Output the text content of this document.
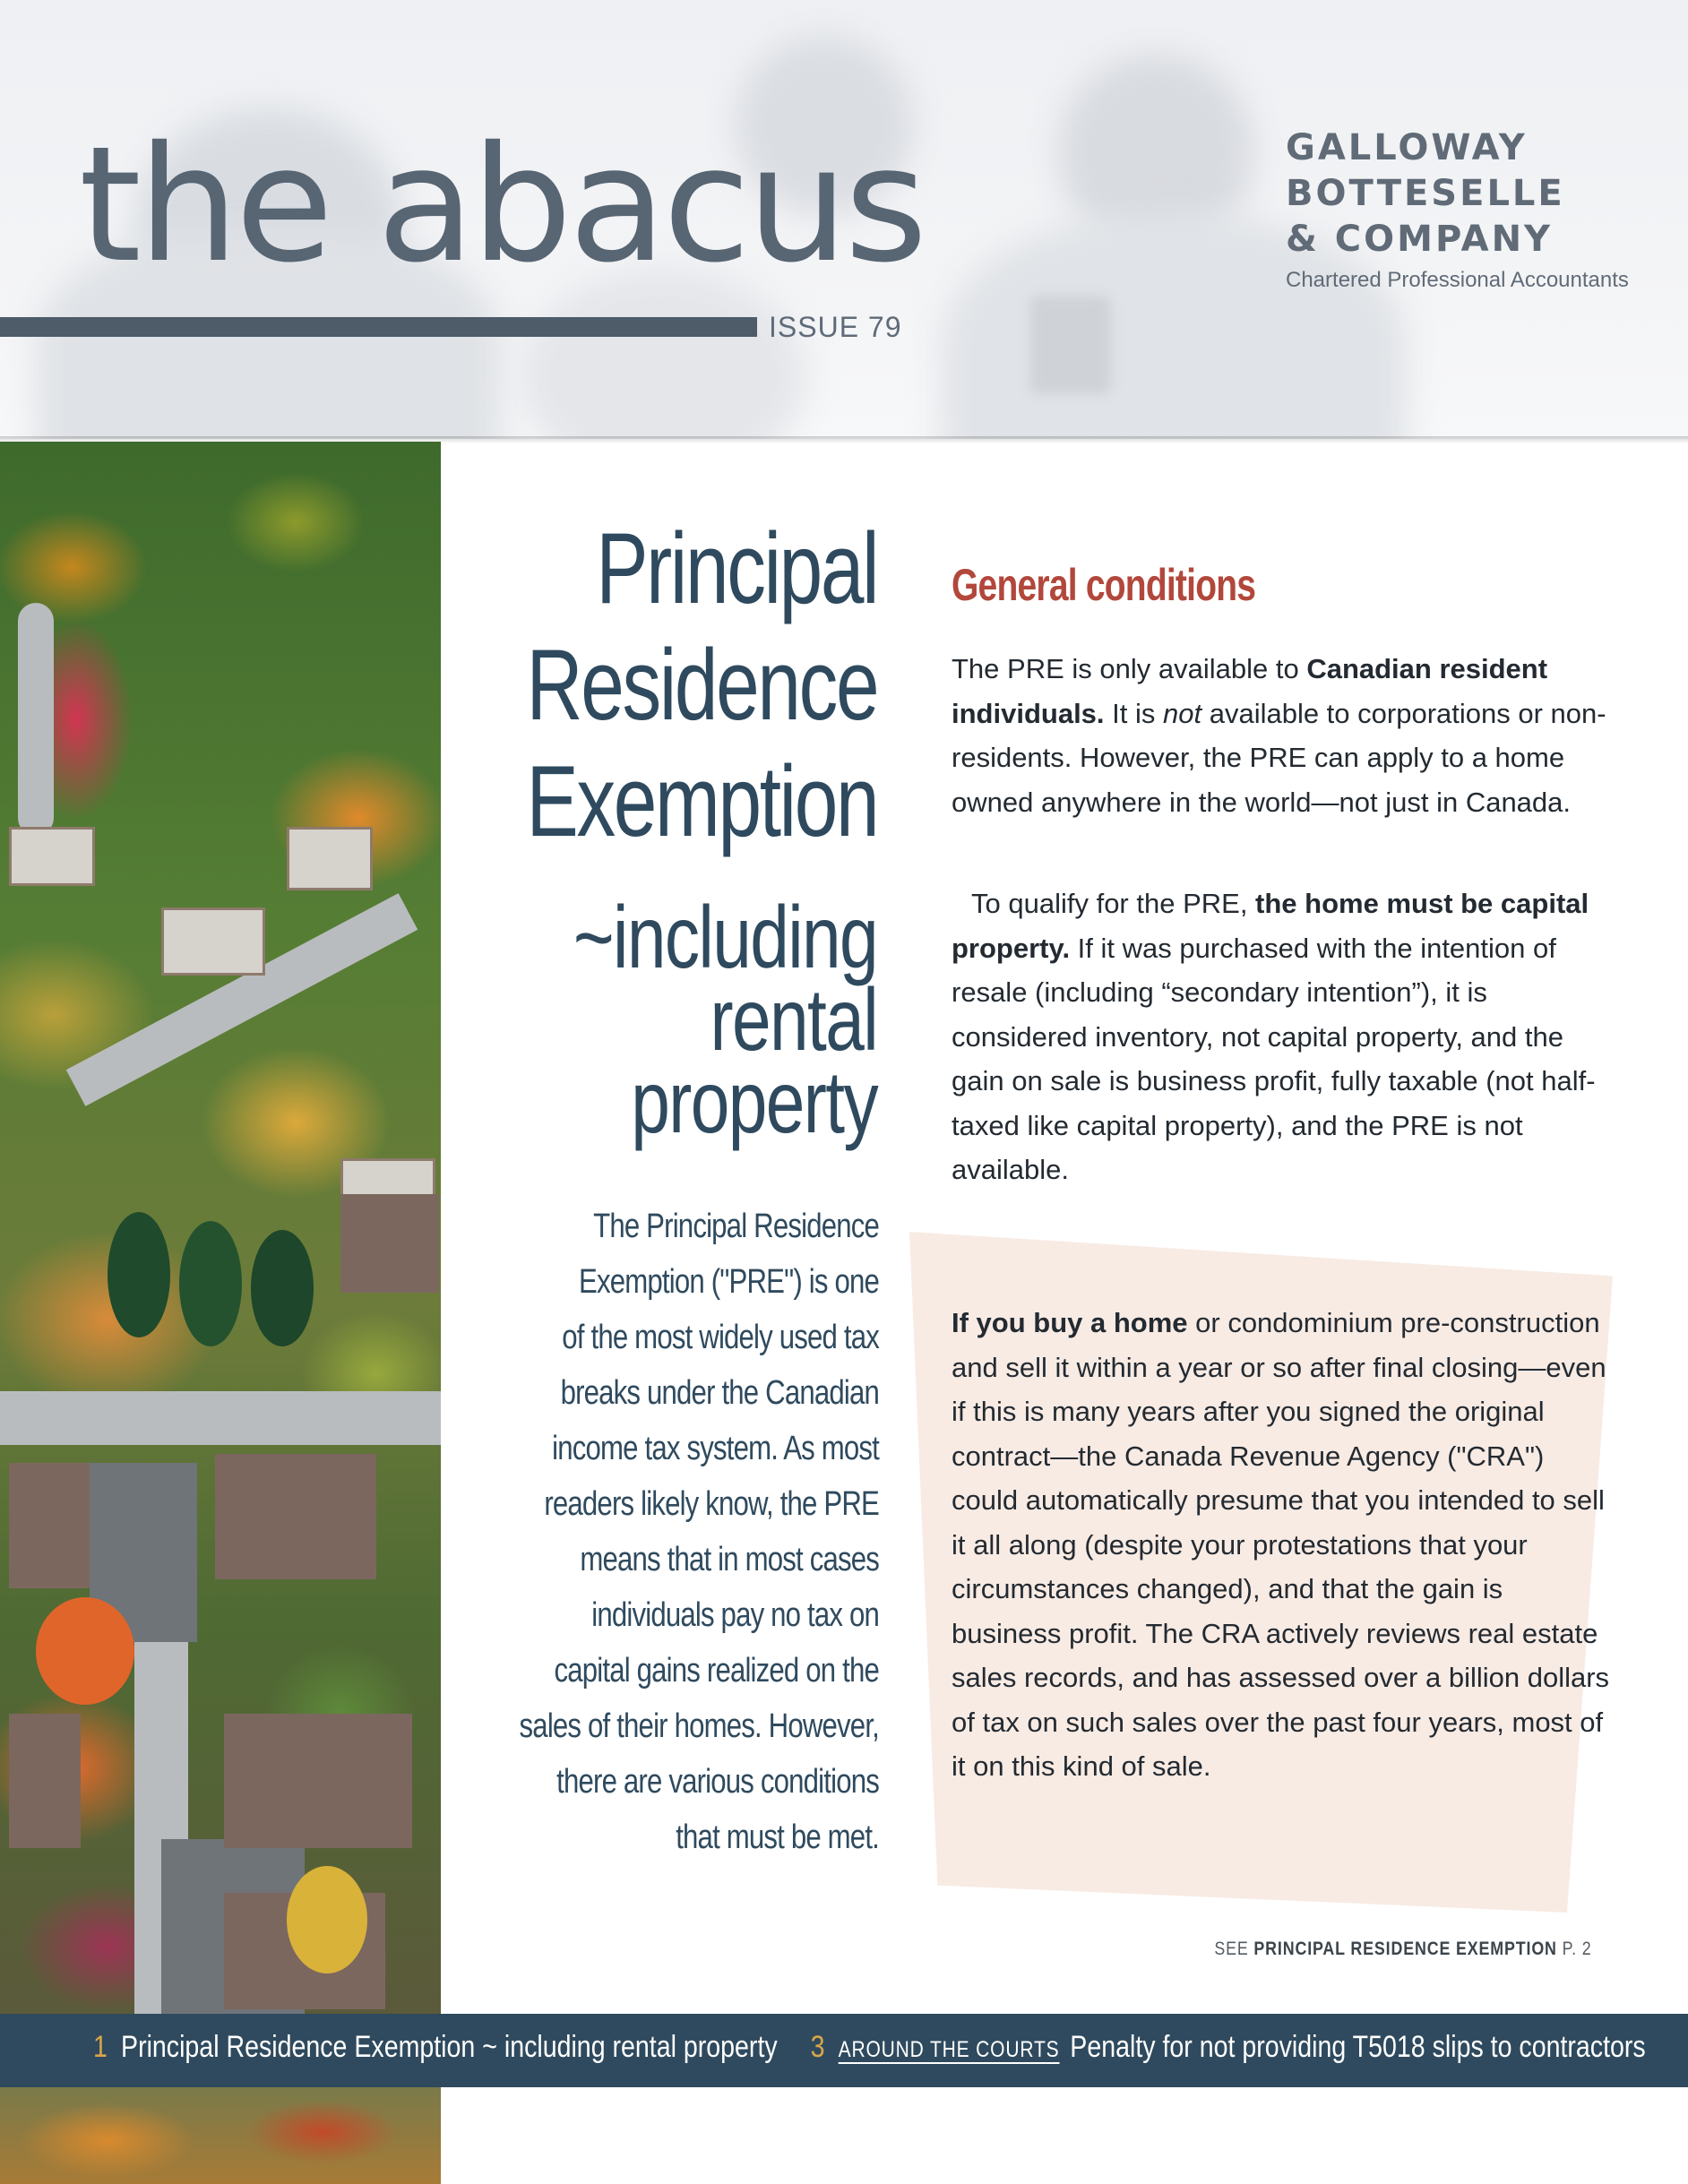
the abacus
ISSUE 79
GALLOWAY
BOTTESELLE
& COMPANY
Chartered Professional Accountants
Principal
Residence
Exemption
~including
rental
property
The Principal Residence
Exemption ("PRE") is one
of the most widely used tax
breaks under the Canadian
income tax system. As most
readers likely know, the PRE
means that in most cases
individuals pay no tax on
capital gains realized on the
sales of their homes. However,
there are various conditions
that must be met.
General conditions

The PRE is only available to Canadian resident individuals. It is not available to corporations or non-residents. However, the PRE can apply to a home owned anywhere in the world—not just in Canada.

To qualify for the PRE, the home must be capital property. If it was purchased with the intention of resale (including “secondary intention”), it is considered inventory, not capital property, and the gain on sale is business profit, fully taxable (not half-taxed like capital property), and the PRE is not available.

If you buy a home or condominium pre-construction and sell it within a year or so after final closing—even if this is many years after you signed the original contract—the Canada Revenue Agency ("CRA") could automatically presume that you intended to sell it all along (despite your protestations that your circumstances changed), and that the gain is business profit. The CRA actively reviews real estate sales records, and has assessed over a billion dollars of tax on such sales over the past four years, most of it on this kind of sale.

SEE PRINCIPAL RESIDENCE EXEMPTION P. 2
1 Principal Residence Exemption ~ including rental property 3 AROUND THE COURTS Penalty for not providing T5018 slips to contractors
